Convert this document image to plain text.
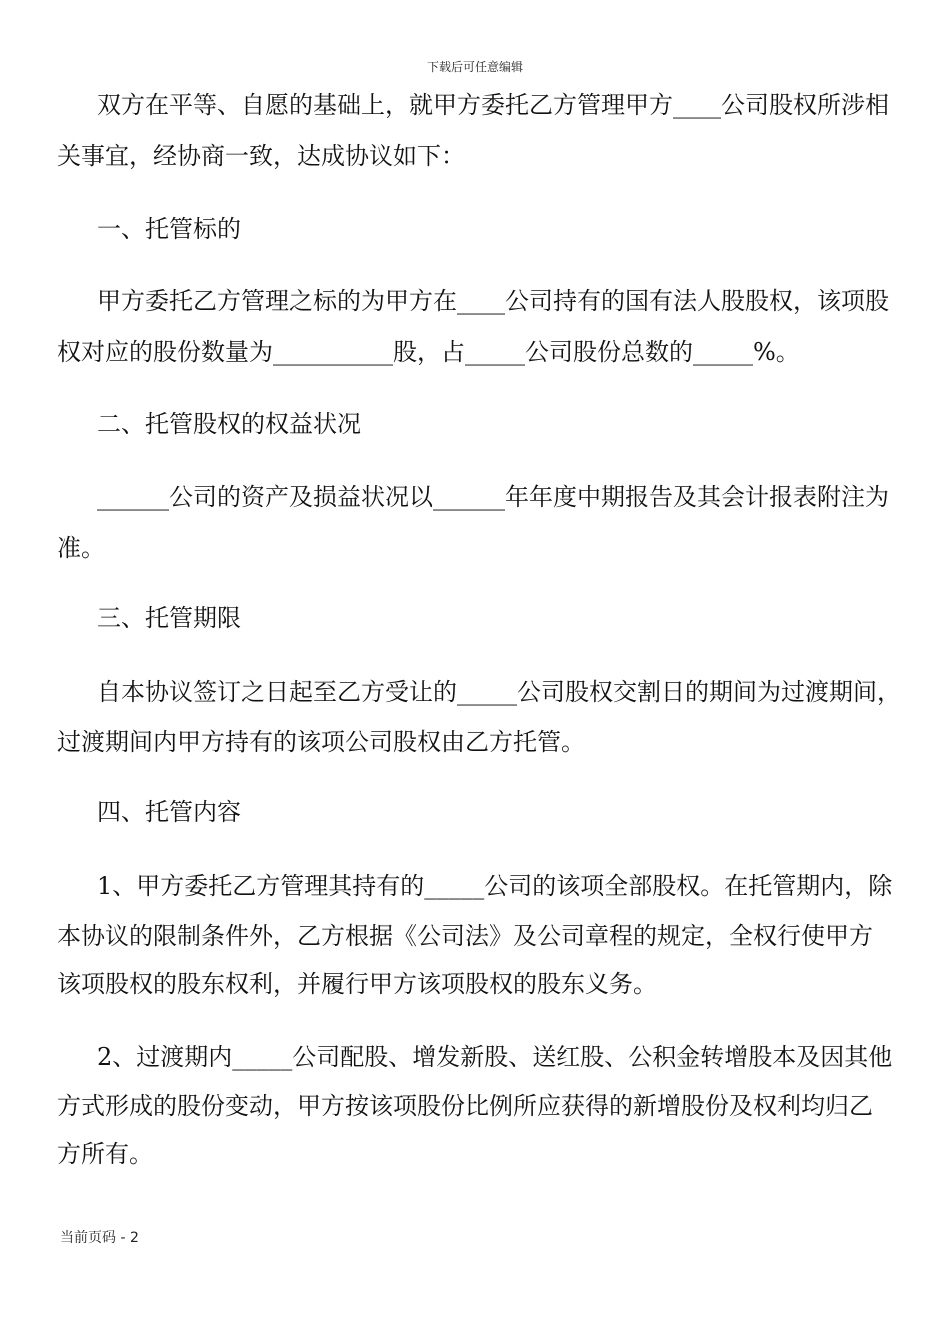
下载后可任意编辑
双方在平等、自愿的基础上，就甲方委托乙方管理甲方____公司股权所涉相
关事宜，经协商一致，达成协议如下：
一、托管标的
甲方委托乙方管理之标的为甲方在____公司持有的国有法人股股权，该项股
权对应的股份数量为__________股，占_____公司股份总数的_____%。
二、托管股权的权益状况
______公司的资产及损益状况以______年年度中期报告及其会计报表附注为
准。
三、托管期限
自本协议签订之日起至乙方受让的_____公司股权交割日的期间为过渡期间，
过渡期间内甲方持有的该项公司股权由乙方托管。
四、托管内容
1、甲方委托乙方管理其持有的_____公司的该项全部股权。在托管期内，除
本协议的限制条件外，乙方根据《公司法》及公司章程的规定，全权行使甲方
该项股权的股东权利，并履行甲方该项股权的股东义务。
2、过渡期内_____公司配股、增发新股、送红股、公积金转增股本及因其他
方式形成的股份变动，甲方按该项股份比例所应获得的新增股份及权利均归乙
方所有。
当前页码 - 2
